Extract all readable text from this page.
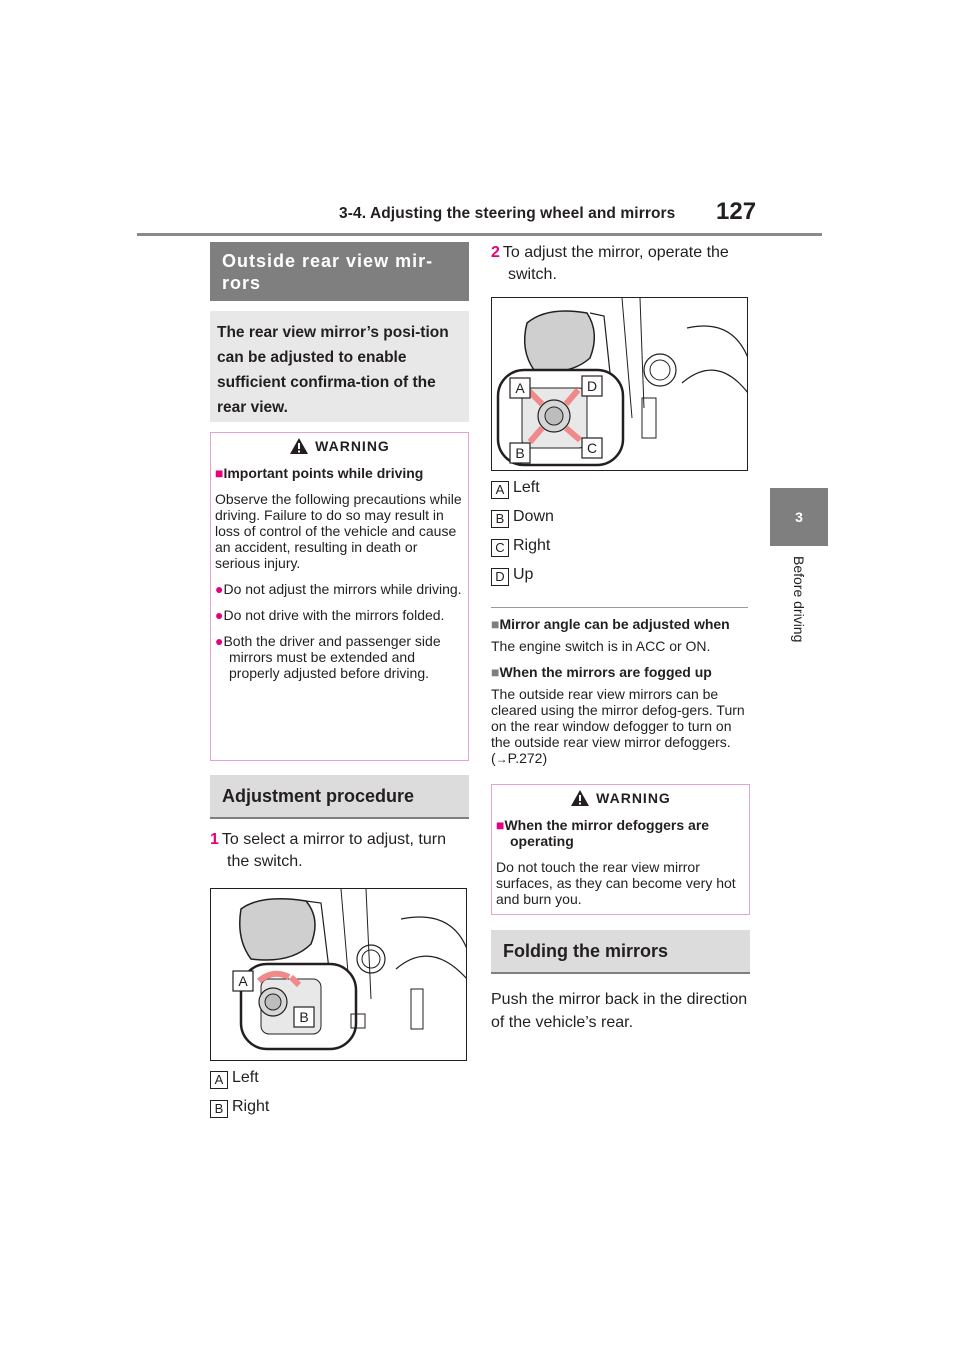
3-4. Adjusting the steering wheel and mirrors 127
3
Before driving
Outside rear view mir-rors
The rear view mirror’s posi-tion can be adjusted to enable sufficient confirma-tion of the rear view.
WARNING
■Important points while driving
Observe the following precautions while driving. Failure to do so may result in loss of control of the vehicle and cause an accident, resulting in death or serious injury.
●Do not adjust the mirrors while driving.
●Do not drive with the mirrors folded.
●Both the driver and passenger side mirrors must be extended and properly adjusted before driving.
Adjustment procedure
1 To select a mirror to adjust, turn the switch.
A
B
A Left
B Right
2 To adjust the mirror, operate the switch.
A	D
B	C
A Left
B Down
C Right
D Up
■Mirror angle can be adjusted when
The engine switch is in ACC or ON.
■When the mirrors are fogged up
The outside rear view mirrors can be cleared using the mirror defog-gers. Turn on the rear window defogger to turn on the outside rear view mirror defoggers. (→P.272)
WARNING
■When the mirror defoggers are operating
Do not touch the rear view mirror surfaces, as they can become very hot and burn you.
Folding the mirrors
Push the mirror back in the direction of the vehicle’s rear.
